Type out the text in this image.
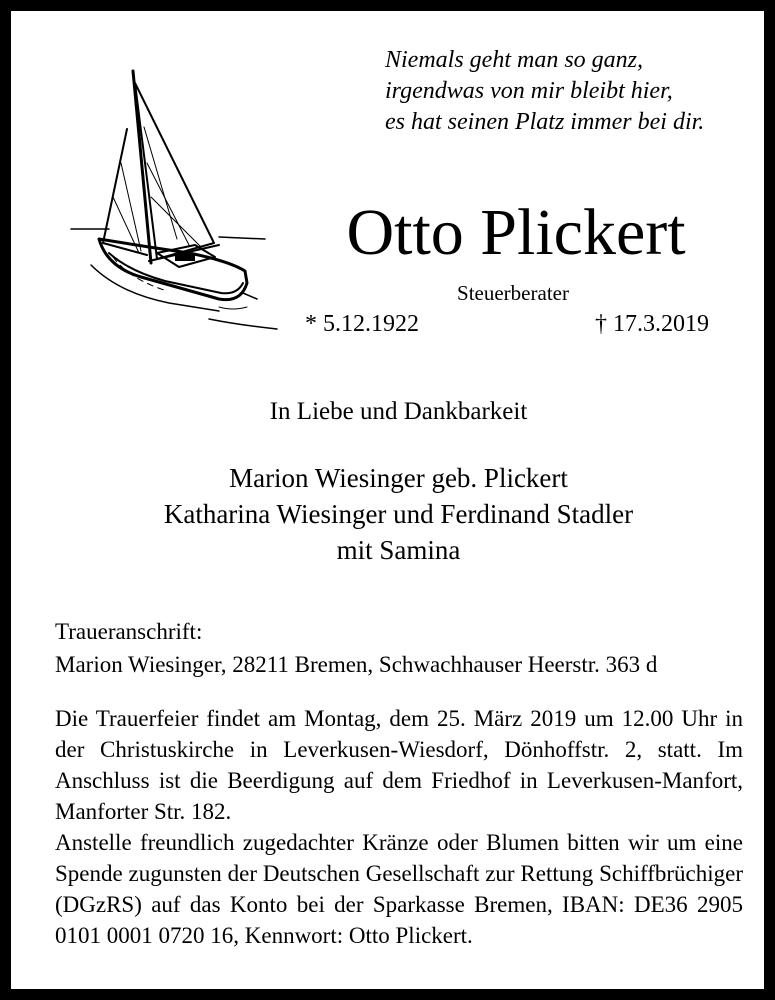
Niemals geht man so ganz,
irgendwas von mir bleibt hier,
es hat seinen Platz immer bei dir.
Otto Plickert
Steuerberater
* 5.12.1922	† 17.3.2019
In Liebe und Dankbarkeit
Marion Wiesinger geb. Plickert
Katharina Wiesinger und Ferdinand Stadler
mit Samina
Traueranschrift:
Marion Wiesinger, 28211 Bremen, Schwachhauser Heerstr. 363 d

Die Trauerfeier findet am Montag, dem 25. März 2019 um 12.00 Uhr in der Christuskirche in Leverkusen-Wiesdorf, Dönhoffstr. 2, statt. Im Anschluss ist die Beerdigung auf dem Friedhof in Leverkusen-Manfort, Manforter Str. 182.

Anstelle freundlich zugedachter Kränze oder Blumen bitten wir um eine Spende zugunsten der Deutschen Gesellschaft zur Rettung Schiffbrüchiger (DGzRS) auf das Konto bei der Sparkasse Bremen, IBAN: DE36 2905 0101 0001 0720 16, Kennwort: Otto Plickert.
